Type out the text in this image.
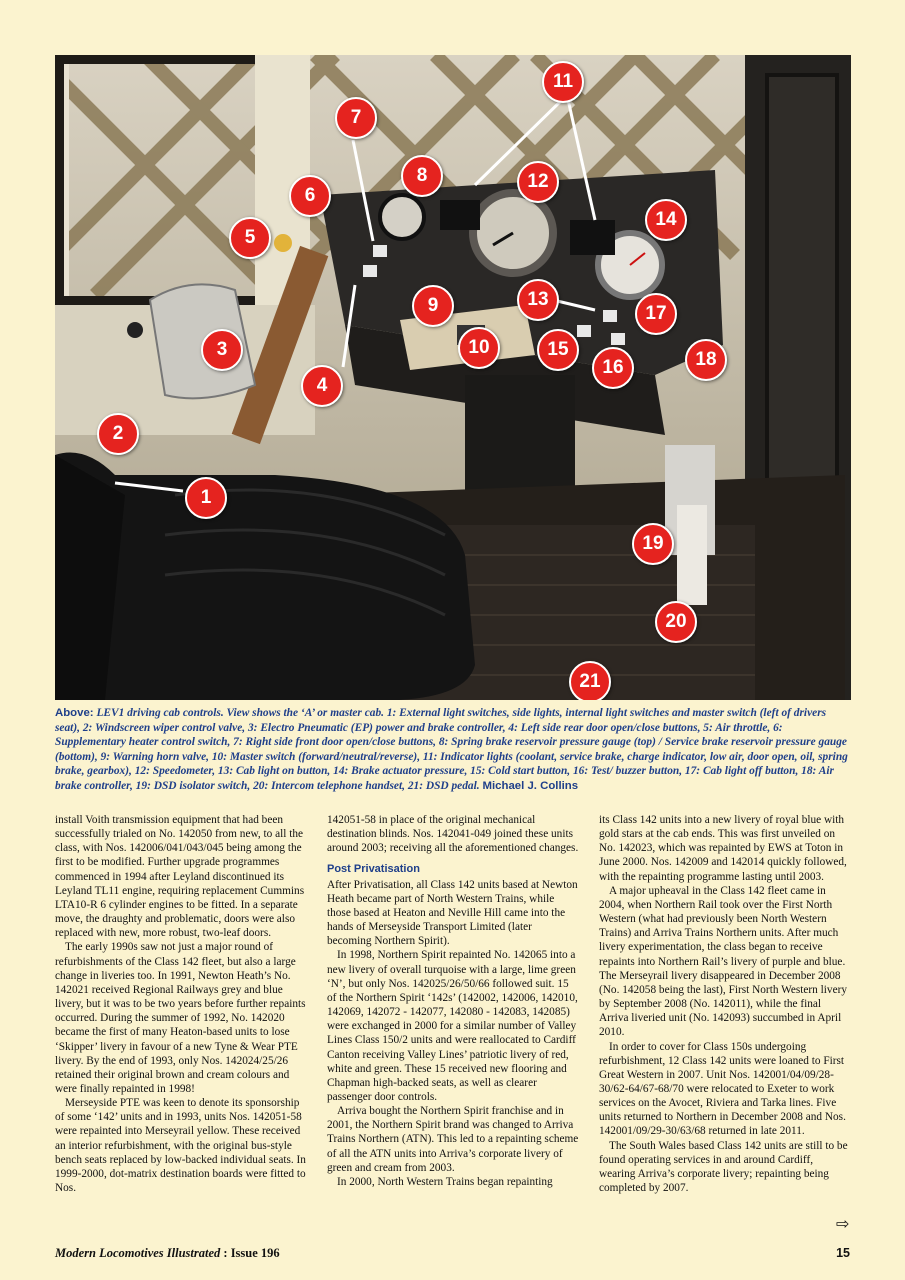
1
2
3
4
5
6
7
8
9
10
11
12
13
14
15
16
17
18
19
20
21
Above: LEV1 driving cab controls. View shows the ‘A’ or master cab. 1: External light switches, side lights, internal light switches and master switch (left of drivers seat), 2: Windscreen wiper control valve, 3: Electro Pneumatic (EP) power and brake controller, 4: Left side rear door open/close buttons, 5: Air throttle, 6: Supplementary heater control switch, 7: Right side front door open/close buttons, 8: Spring brake reservoir pressure gauge (top) / Service brake reservoir pressure gauge (bottom), 9: Warning horn valve, 10: Master switch (forward/neutral/reverse), 11: Indicator lights (coolant, service brake, charge indicator, low air, door open, oil, spring brake, gearbox), 12: Speedometer, 13: Cab light on button, 14: Brake actuator pressure, 15: Cold start button, 16: Test/ buzzer button, 17: Cab light off button, 18: Air brake controller, 19: DSD isolator switch, 20: Intercom telephone handset, 21: DSD pedal. Michael J. Collins

install Voith transmission equipment that had been successfully trialed on No. 142050 from new, to all the class, with Nos. 142006/041/043/045 being among the first to be modified. Further upgrade programmes commenced in 1994 after Leyland discontinued its Leyland TL11 engine, requiring replacement Cummins LTA10-R 6 cylinder engines to be fitted. In a separate move, the draughty and problematic, doors were also replaced with new, more robust, two-leaf doors.

The early 1990s saw not just a major round of refurbishments of the Class 142 fleet, but also a large change in liveries too. In 1991, Newton Heath’s No. 142021 received Regional Railways grey and blue livery, but it was to be two years before further repaints occurred. During the summer of 1992, No. 142020 became the first of many Heaton-based units to lose ‘Skipper’ livery in favour of a new Tyne & Wear PTE livery. By the end of 1993, only Nos. 142024/25/26 retained their original brown and cream colours and were finally repainted in 1998!

Merseyside PTE was keen to denote its sponsorship of some ‘142’ units and in 1993, units Nos. 142051-58 were repainted into Merseyrail yellow. These received an interior refurbishment, with the original bus-style bench seats replaced by low-backed individual seats. In 1999-2000, dot-matrix destination boards were fitted to Nos.

142051-58 in place of the original mechanical destination blinds. Nos. 142041-049 joined these units around 2003; receiving all the aforementioned changes.

Post Privatisation

After Privatisation, all Class 142 units based at Newton Heath became part of North Western Trains, while those based at Heaton and Neville Hill came into the hands of Merseyside Transport Limited (later becoming Northern Spirit).

In 1998, Northern Spirit repainted No. 142065 into a new livery of overall turquoise with a large, lime green ‘N’, but only Nos. 142025/26/50/66 followed suit. 15 of the Northern Spirit ‘142s’ (142002, 142006, 142010, 142069, 142072 - 142077, 142080 - 142083, 142085) were exchanged in 2000 for a similar number of Valley Lines Class 150/2 units and were reallocated to Cardiff Canton receiving Valley Lines’ patriotic livery of red, white and green. These 15 received new flooring and Chapman high-backed seats, as well as clearer passenger door controls.

Arriva bought the Northern Spirit franchise and in 2001, the Northern Spirit brand was changed to Arriva Trains Northern (ATN). This led to a repainting scheme of all the ATN units into Arriva’s corporate livery of green and cream from 2003.

In 2000, North Western Trains began repainting

its Class 142 units into a new livery of royal blue with gold stars at the cab ends. This was first unveiled on No. 142023, which was repainted by EWS at Toton in June 2000. Nos. 142009 and 142014 quickly followed, with the repainting programme lasting until 2003.

A major upheaval in the Class 142 fleet came in 2004, when Northern Rail took over the First North Western (what had previously been North Western Trains) and Arriva Trains Northern units. After much livery experimentation, the class began to receive repaints into Northern Rail’s livery of purple and blue. The Merseyrail livery disappeared in December 2008 (No. 142058 being the last), First North Western livery by September 2008 (No. 142011), while the final Arriva liveried unit (No. 142093) succumbed in April 2010.

In order to cover for Class 150s undergoing refurbishment, 12 Class 142 units were loaned to First Great Western in 2007. Unit Nos. 142001/04/09/28-30/62-64/67-68/70 were relocated to Exeter to work services on the Avocet, Riviera and Tarka lines. Five units returned to Northern in December 2008 and Nos. 142001/09/29-30/63/68 returned in late 2011.

The South Wales based Class 142 units are still to be found operating services in and around Cardiff, wearing Arriva’s corporate livery; repainting being completed by 2007.

⇨
Modern Locomotives Illustrated : Issue 196	15
